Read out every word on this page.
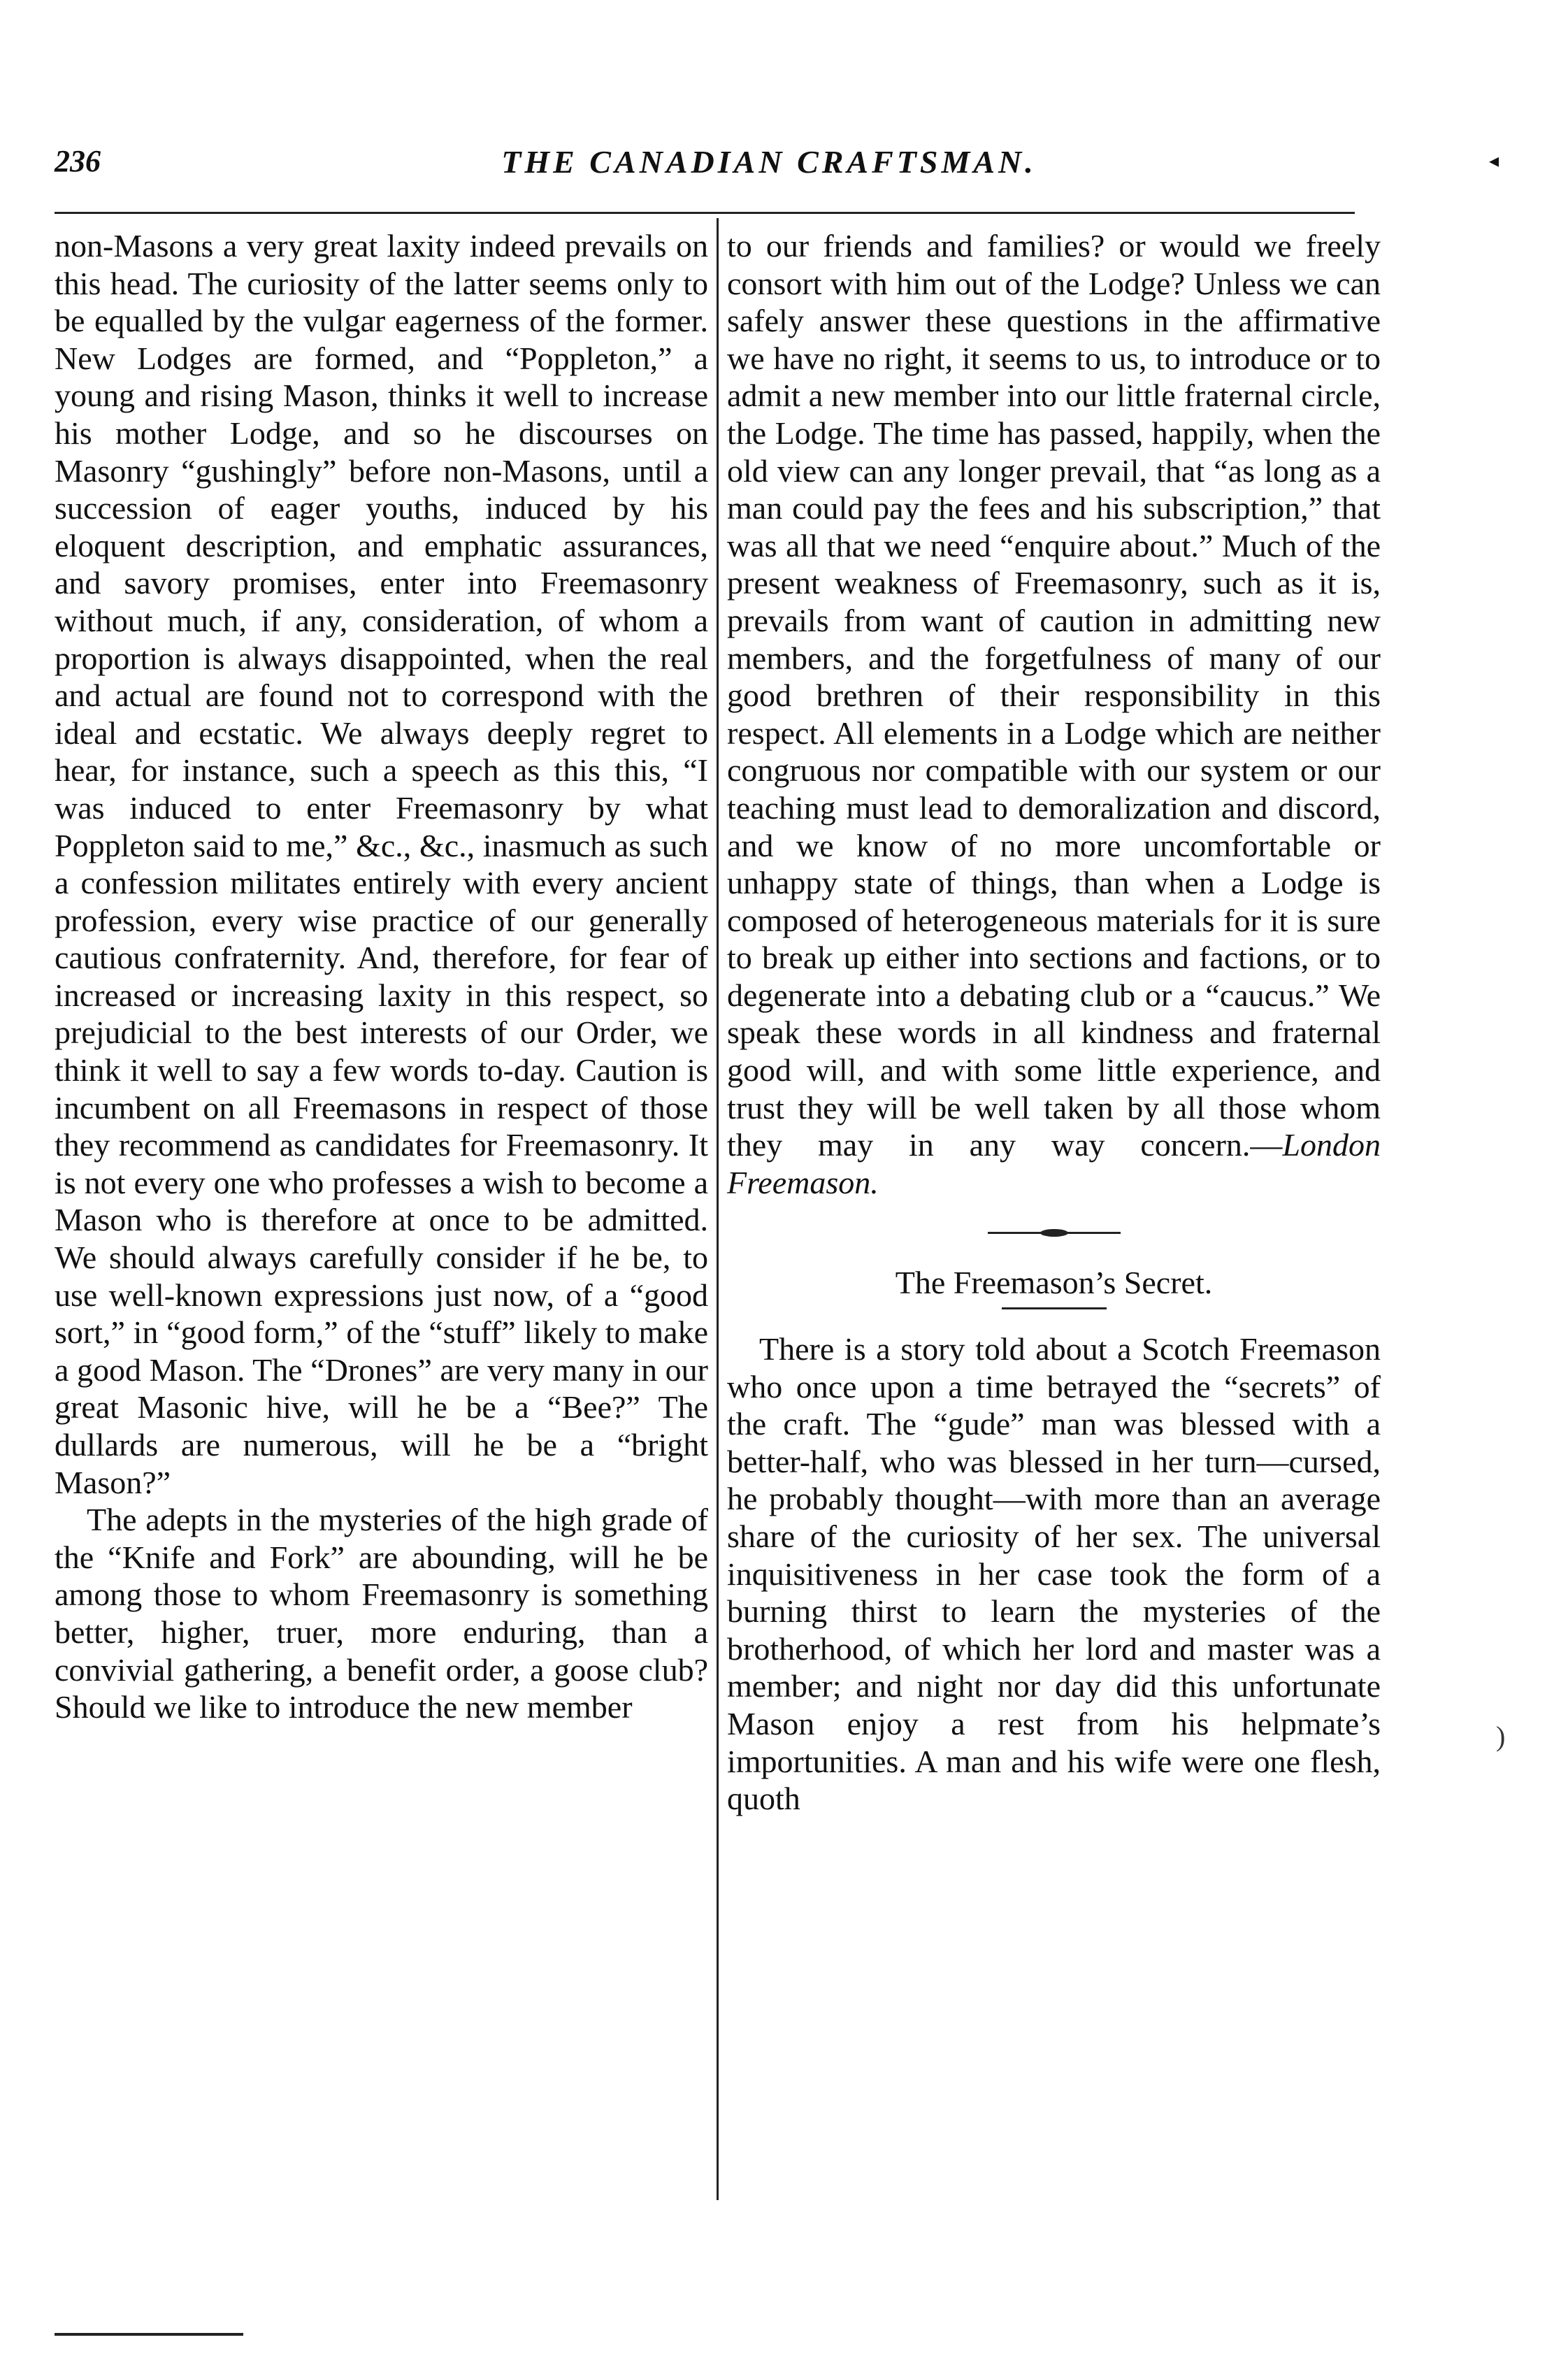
236	THE CANADIAN CRAFTSMAN.	◂

non-Masons a very great laxity indeed prevails on this head. The curiosity of the latter seems only to be equalled by the vulgar eagerness of the former. New Lodges are formed, and “Poppleton,” a young and rising Mason, thinks it well to increase his mother Lodge, and so he discourses on Masonry “gushingly” before non-Masons, until a succession of eager youths, induced by his eloquent description, and emphatic assurances, and savory promises, enter into Freemasonry without much, if any, consideration, of whom a proportion is always disappointed, when the real and actual are found not to correspond with the ideal and ecstatic. We always deeply regret to hear, for instance, such a speech as this this, “I was induced to enter Freemasonry by what Poppleton said to me,” &c., &c., inasmuch as such a confession militates entirely with every ancient profession, every wise practice of our generally cautious confraternity. And, therefore, for fear of increased or increasing laxity in this respect, so prejudicial to the best interests of our Order, we think it well to say a few words to-day. Caution is incumbent on all Freemasons in respect of those they recommend as candidates for Freemasonry. It is not every one who professes a wish to become a Mason who is therefore at once to be admitted. We should always carefully consider if he be, to use well-known expressions just now, of a “good sort,” in “good form,” of the “stuff” likely to make a good Mason. The “Drones” are very many in our great Masonic hive, will he be a “Bee?” The dullards are numerous, will he be a “bright Mason?”

The adepts in the mysteries of the high grade of the “Knife and Fork” are abounding, will he be among those to whom Freemasonry is something better, higher, truer, more enduring, than a convivial gathering, a benefit order, a goose club? Should we like to introduce the new member

to our friends and families? or would we freely consort with him out of the Lodge? Unless we can safely answer these questions in the affirmative we have no right, it seems to us, to introduce or to admit a new member into our little fraternal circle, the Lodge. The time has passed, happily, when the old view can any longer prevail, that “as long as a man could pay the fees and his subscription,” that was all that we need “enquire about.” Much of the present weakness of Freemasonry, such as it is, prevails from want of caution in admitting new members, and the forgetfulness of many of our good brethren of their responsibility in this respect. All elements in a Lodge which are neither congruous nor compatible with our system or our teaching must lead to demoralization and discord, and we know of no more uncomfortable or unhappy state of things, than when a Lodge is composed of heterogeneous materials for it is sure to break up either into sections and factions, or to degenerate into a debating club or a “caucus.” We speak these words in all kindness and fraternal good will, and with some little experience, and trust they will be well taken by all those whom they may in any way concern.—London Freemason.

The Freemason’s Secret.

There is a story told about a Scotch Freemason who once upon a time betrayed the “secrets” of the craft. The “gude” man was blessed with a better-half, who was blessed in her turn—cursed, he probably thought—with more than an average share of the curiosity of her sex. The universal inquisitiveness in her case took the form of a burning thirst to learn the mysteries of the brotherhood, of which her lord and master was a member; and night nor day did this unfortunate Mason enjoy a rest from his helpmate’s importunities. A man and his wife were one flesh, quoth

)
